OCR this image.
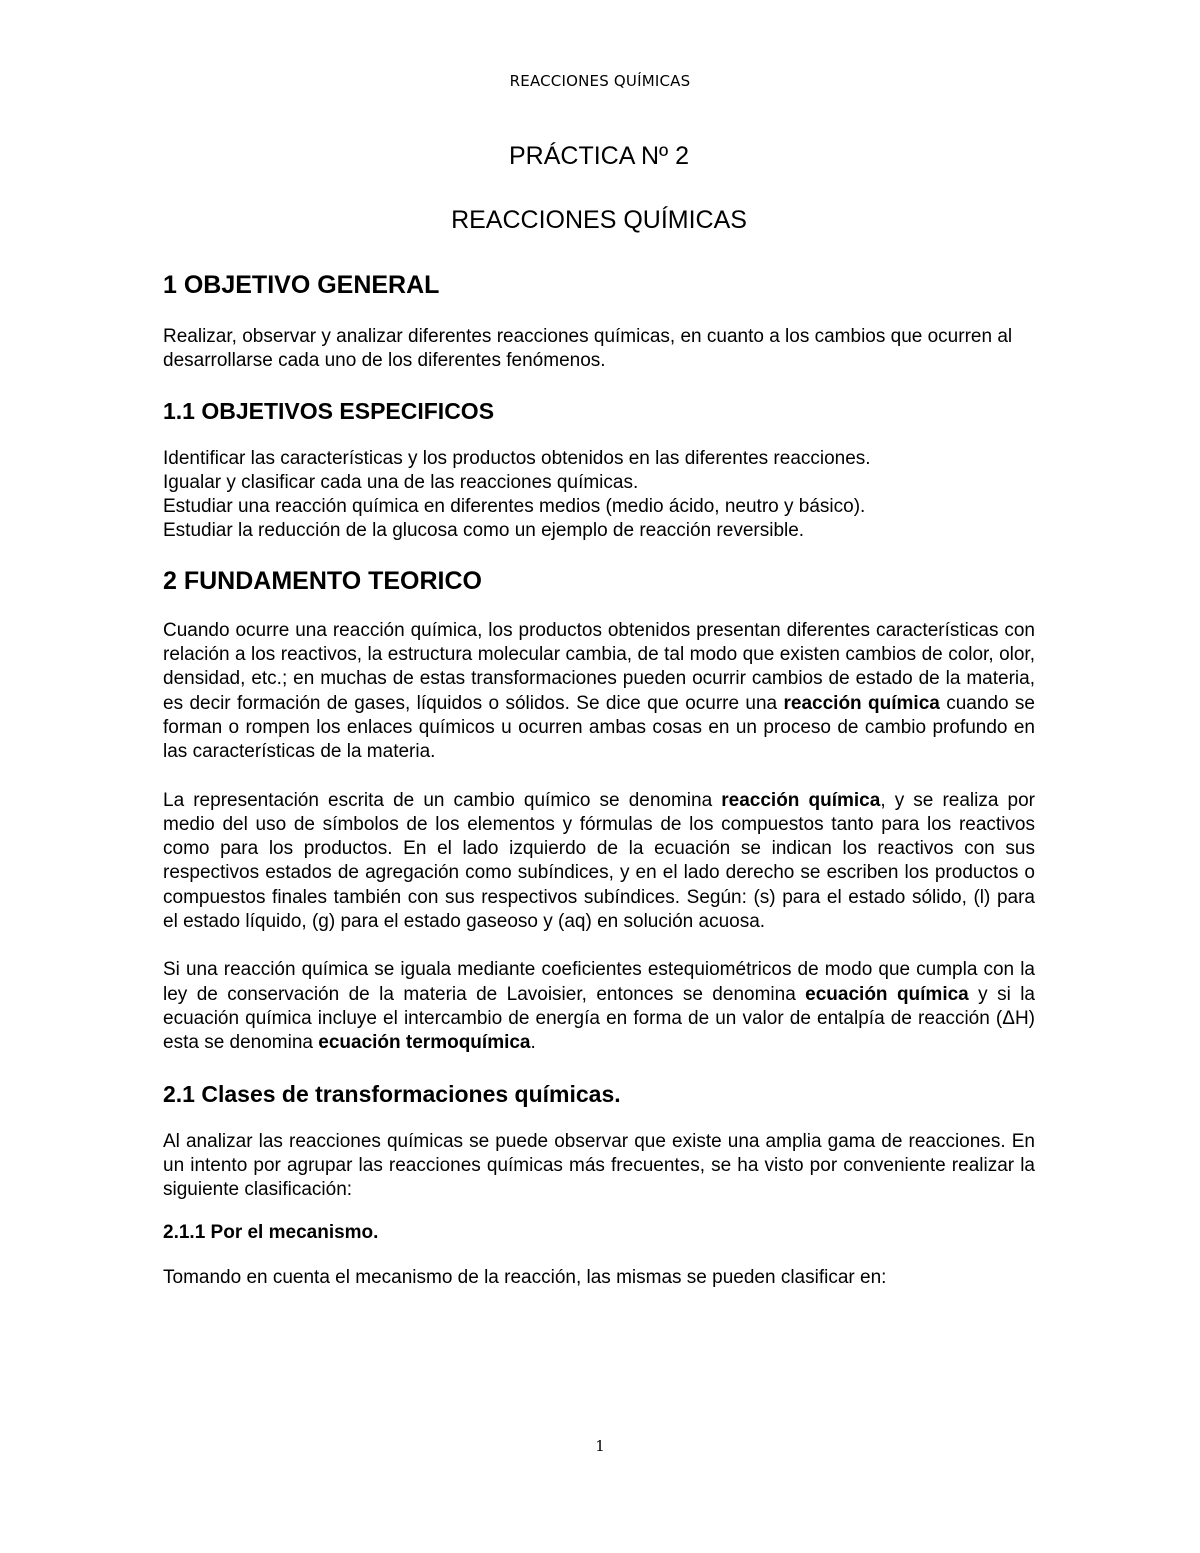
REACCIONES QUÍMICAS
PRÁCTICA Nº 2
REACCIONES QUÍMICAS
1 OBJETIVO GENERAL

Realizar, observar y analizar diferentes reacciones químicas, en cuanto a los cambios que ocurren al desarrollarse cada uno de los diferentes fenómenos.

1.1 OBJETIVOS ESPECIFICOS
Identificar las características y los productos obtenidos en las diferentes reacciones.
Igualar y clasificar cada una de las reacciones químicas.
Estudiar una reacción química en diferentes medios (medio ácido, neutro y básico).
Estudiar la reducción de la glucosa como un ejemplo de reacción reversible.
2 FUNDAMENTO TEORICO

Cuando ocurre una reacción química, los productos obtenidos presentan diferentes características con relación a los reactivos, la estructura molecular cambia, de tal modo que existen cambios de color, olor, densidad, etc.; en muchas de estas transformaciones pueden ocurrir cambios de estado de la materia, es decir formación de gases, líquidos o sólidos. Se dice que ocurre una reacción química cuando se forman o rompen los enlaces químicos u ocurren ambas cosas en un proceso de cambio profundo en las características de la materia.

La representación escrita de un cambio químico se denomina reacción química, y se realiza por medio del uso de símbolos de los elementos y fórmulas de los compuestos tanto para los reactivos como para los productos. En el lado izquierdo de la ecuación se indican los reactivos con sus respectivos estados de agregación como subíndices, y en el lado derecho se escriben los productos o compuestos finales también con sus respectivos subíndices. Según: (s) para el estado sólido, (l) para el estado líquido, (g) para el estado gaseoso y (aq) en solución acuosa.

Si una reacción química se iguala mediante coeficientes estequiométricos de modo que cumpla con la ley de conservación de la materia de Lavoisier, entonces se denomina ecuación química y si la ecuación química incluye el intercambio de energía en forma de un valor de entalpía de reacción (ΔH) esta se denomina ecuación termoquímica.

2.1 Clases de transformaciones químicas.

Al analizar las reacciones químicas se puede observar que existe una amplia gama de reacciones. En un intento por agrupar las reacciones químicas más frecuentes, se ha visto por conveniente realizar la siguiente clasificación:

2.1.1 Por el mecanismo.

Tomando en cuenta el mecanismo de la reacción, las mismas se pueden clasificar en:

1
